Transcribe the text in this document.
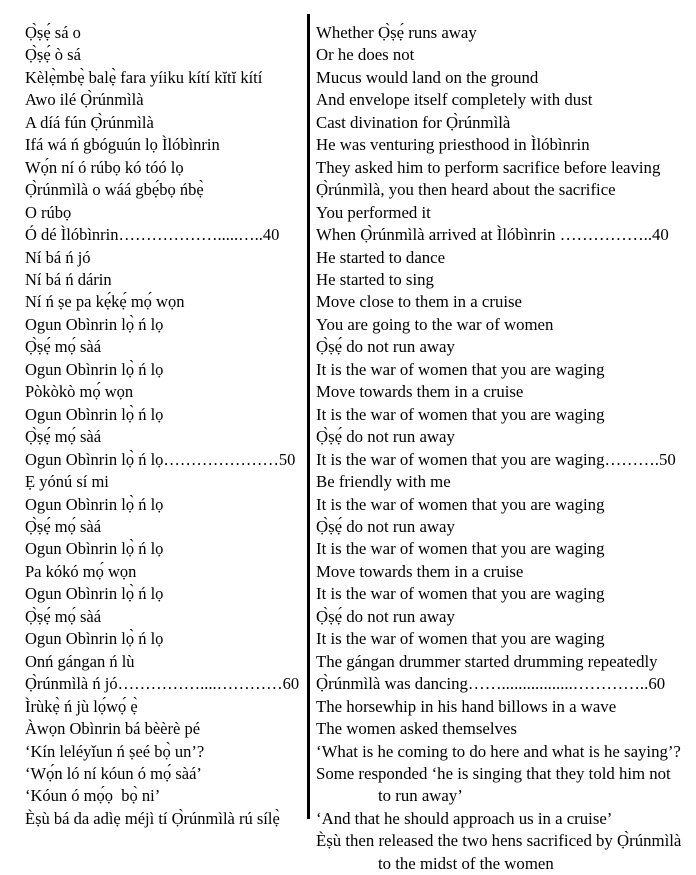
Ọ̀ṣẹ́ sá o
Ọ̀ṣẹ́ ò sá
Kèlẹ̀mbẹ̀ balẹ̀ fara yíiku kítí kĭtĭ kítí
Awo ilé Ọ̀rúnmìlà
A díá fún Ọ̀rúnmìlà
Ifá wá ń gbóguún lọ Ìlóbìnrin
Wọ́n ní ó rúbọ kó tóó lọ
Ọ̀rúnmìlà o wáá gbẹ́bọ ńbẹ̀
O rúbọ
Ó dé Ìlóbìnrin……………….....…..40
Ní bá ń jó
Ní bá ń dárin
Ní ń ṣe pa kẹ́kẹ́ mọ́ wọn
Ogun Obìnrin lọ̀ ń lọ
Ọ̀ṣẹ́ mọ́ sàá
Ogun Obìnrin lọ̀ ń lọ
Pòkòkò mọ́ wọn
Ogun Obìnrin lọ̀ ń lọ
Ọ̀ṣẹ́ mọ́ sàá
Ogun Obìnrin lọ̀ ń lọ…………………50
Ẹ yónú sí mi
Ogun Obìnrin lọ̀ ń lọ
Ọ̀ṣẹ́ mọ́ sàá
Ogun Obìnrin lọ̀ ń lọ
Pa kókó mọ́ wọn
Ogun Obìnrin lọ̀ ń lọ
Ọ̀ṣẹ́ mọ́ sàá
Ogun Obìnrin lọ̀ ń lọ
Onń gángan ń lù
Ọ̀rúnmìlà ń jó……………....…………60
Ìrùkẹ̀ ń jù lọ́wọ́ ẹ̀
Àwọn Obìnrin bá bèèrè pé
‘Kín leléyǐun ń ṣeé bọ̀ un’?
‘Wọ́n ló ní kóun ó mọ́ sàá’
‘Kóun ó mọ́ọ  bọ̀ ni’
Èṣù bá da adìẹ méjì tí Ọ̀rúnmìlà rú sílẹ̀
Whether Ọ̀ṣẹ́ runs away
Or he does not
Mucus would land on the ground
And envelope itself completely with dust
Cast divination for Ọ̀rúnmìlà
He was venturing priesthood in Ìlóbìnrin
They asked him to perform sacrifice before leaving
Ọ̀rúnmìlà, you then heard about the sacrifice
You performed it
When Ọ̀rúnmìlà arrived at Ìlóbìnrin ……………..40
He started to dance
He started to sing
Move close to them in a cruise
You are going to the war of women
Ọ̀ṣẹ́ do not run away
It is the war of women that you are waging
Move towards them in a cruise
It is the war of women that you are waging
Ọ̀ṣẹ́ do not run away
It is the war of women that you are waging……….50
Be friendly with me
It is the war of women that you are waging
Ọ̀ṣẹ́ do not run away
It is the war of women that you are waging
Move towards them in a cruise
It is the war of women that you are waging
Ọ̀ṣẹ́ do not run away
It is the war of women that you are waging
The gángan drummer started drumming repeatedly
Ọ̀rúnmìlà was dancing…….................…………..60
The horsewhip in his hand billows in a wave
The women asked themselves
‘What is he coming to do here and what is he saying’?
Some responded ‘he is singing that they told him not
to run away’
‘And that he should approach us in a cruise’
Èṣù then released the two hens sacrificed by Ọ̀rúnmìlà
to the midst of the women
